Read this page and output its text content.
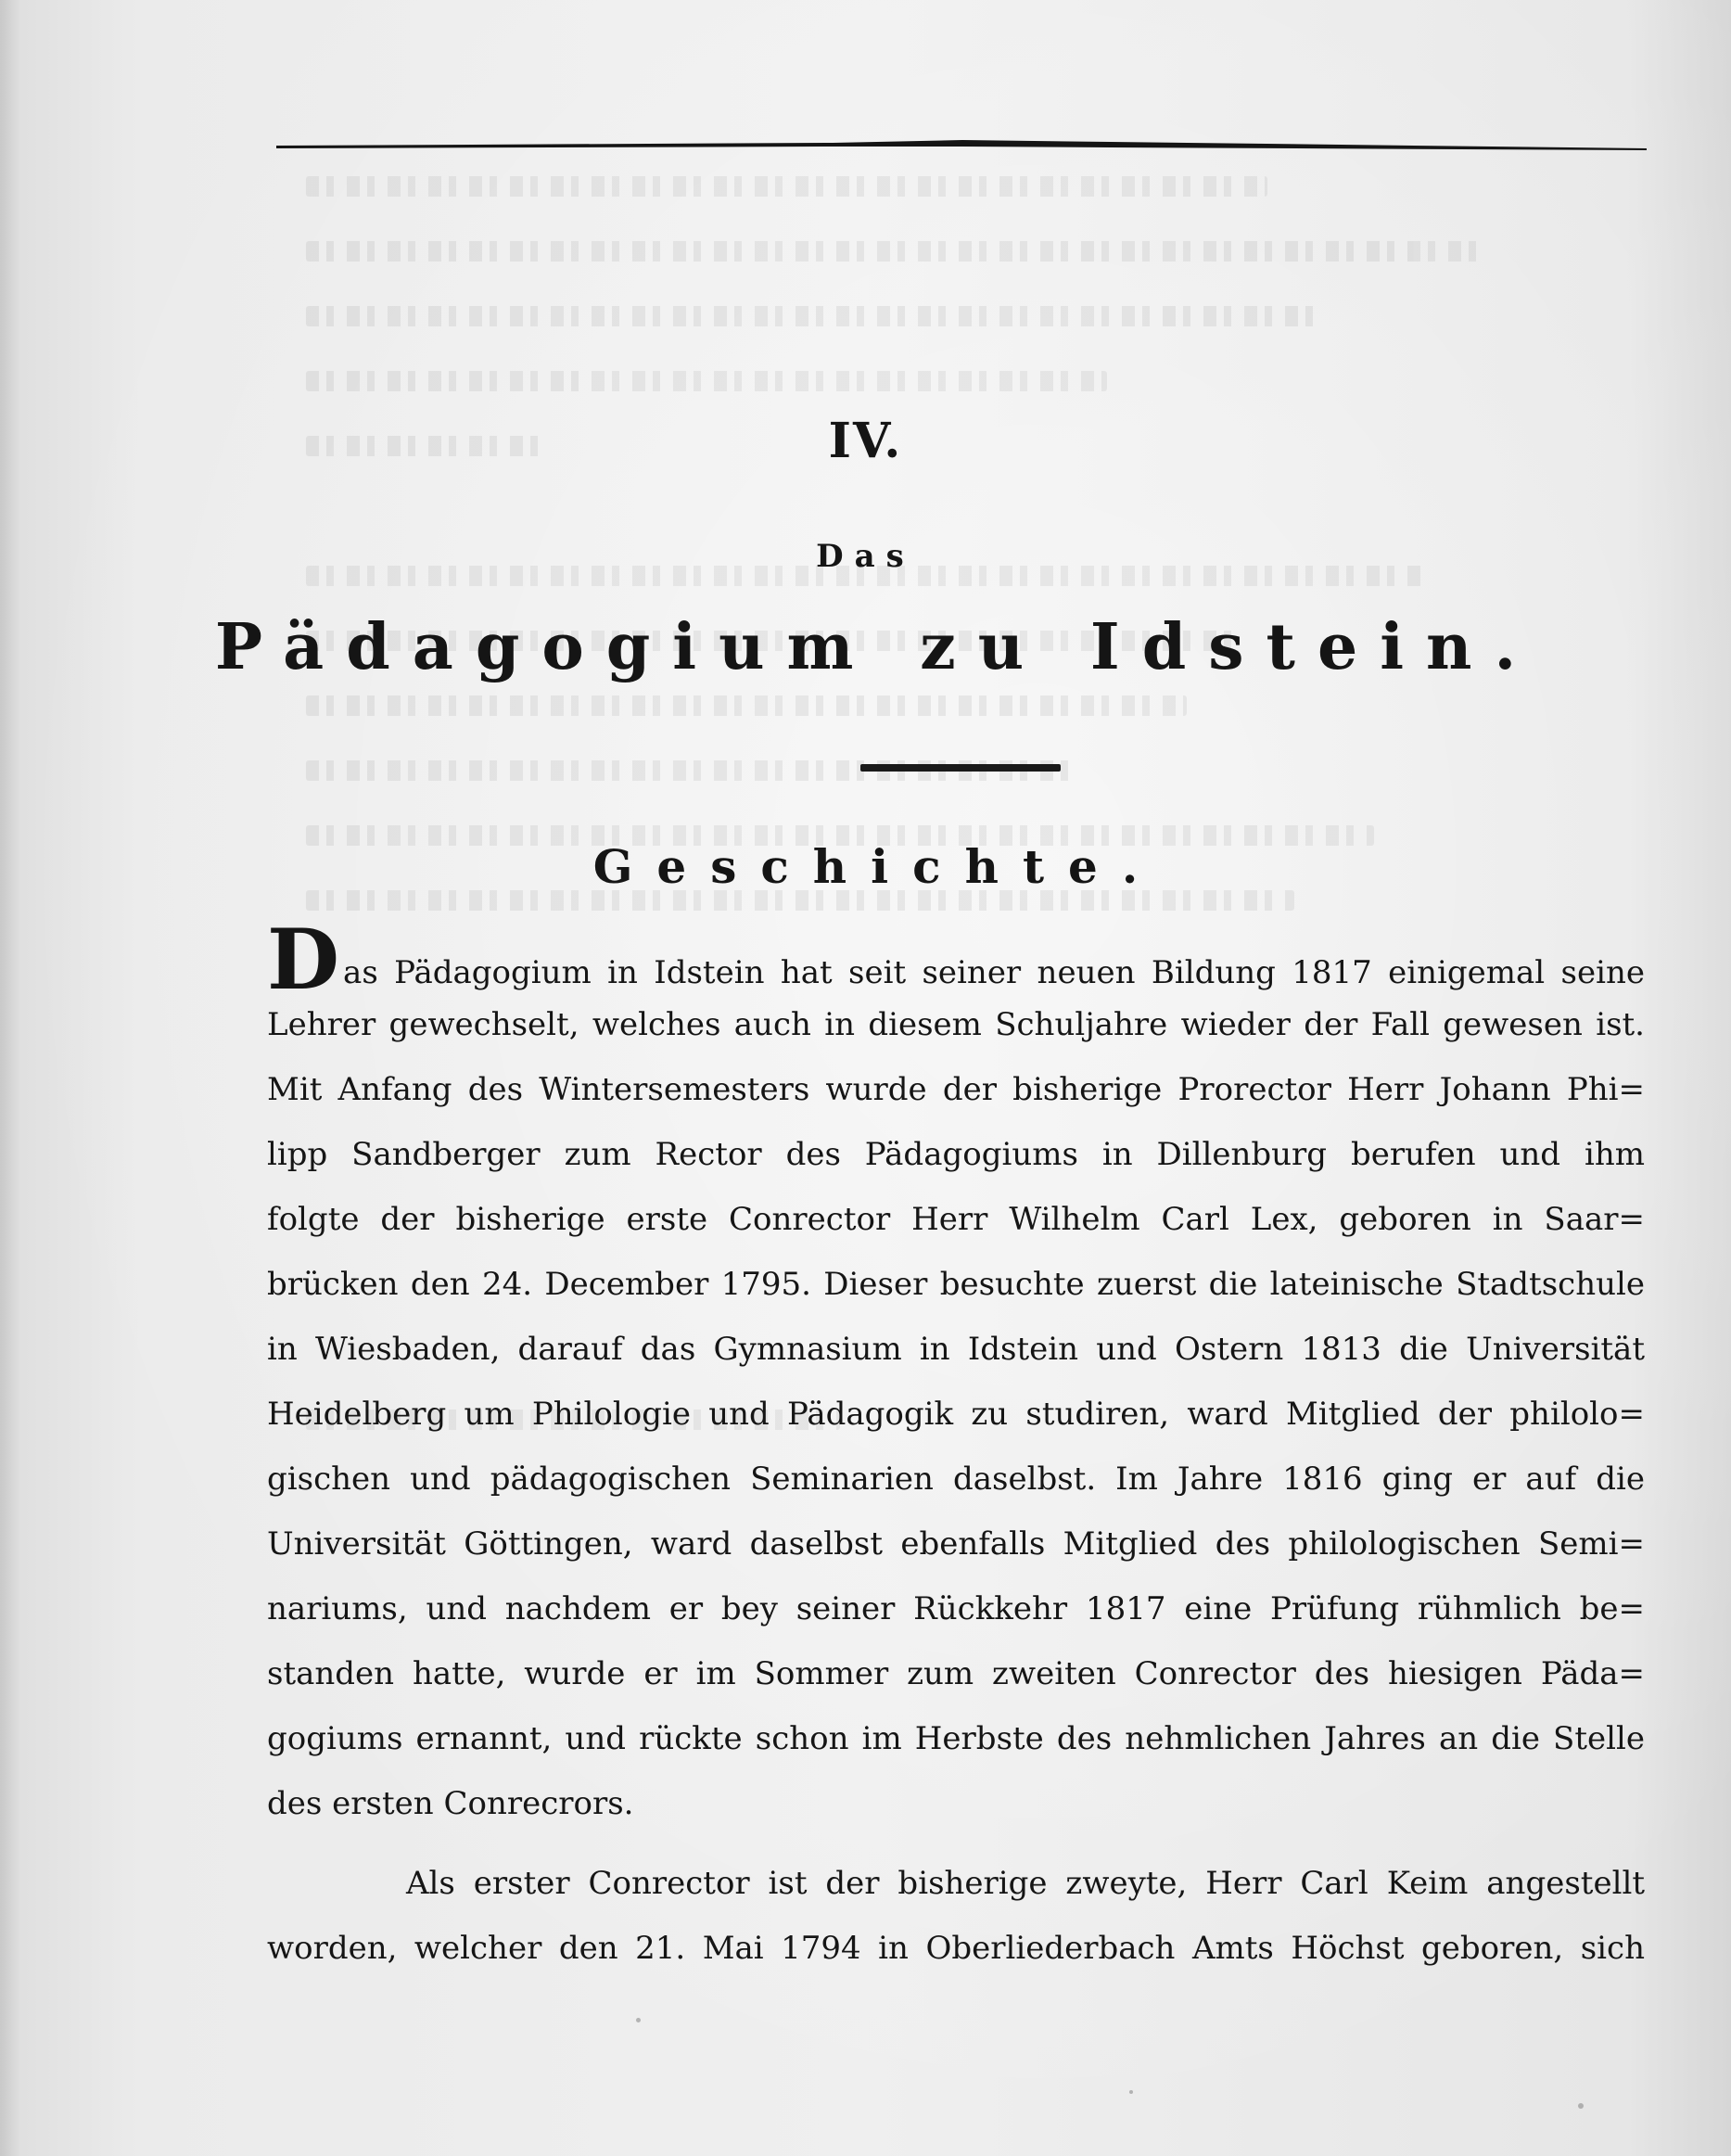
IV.
Das
Pädagogium zu Idstein.
Geschichte.
Das Pädagogium in Idstein hat seit seiner neuen Bildung 1817 einigemal seine
Lehrer gewechselt, welches auch in diesem Schuljahre wieder der Fall gewesen ist.
Mit Anfang des Wintersemesters wurde der bisherige Prorector Herr Johann Phi=
lipp Sandberger zum Rector des Pädagogiums in Dillenburg berufen und ihm
folgte der bisherige erste Conrector Herr Wilhelm Carl Lex, geboren in Saar=
brücken den 24. December 1795. Dieser besuchte zuerst die lateinische Stadtschule
in Wiesbaden, darauf das Gymnasium in Idstein und Ostern 1813 die Universität
Heidelberg um Philologie und Pädagogik zu studiren, ward Mitglied der philolo=
gischen und pädagogischen Seminarien daselbst. Im Jahre 1816 ging er auf die
Universität Göttingen, ward daselbst ebenfalls Mitglied des philologischen Semi=
nariums, und nachdem er bey seiner Rückkehr 1817 eine Prüfung rühmlich be=
standen hatte, wurde er im Sommer zum zweiten Conrector des hiesigen Päda=
gogiums ernannt, und rückte schon im Herbste des nehmlichen Jahres an die Stelle
des ersten Conrecrors.
Als erster Conrector ist der bisherige zweyte, Herr Carl Keim angestellt
worden, welcher den 21. Mai 1794 in Oberliederbach Amts Höchst geboren, sich
